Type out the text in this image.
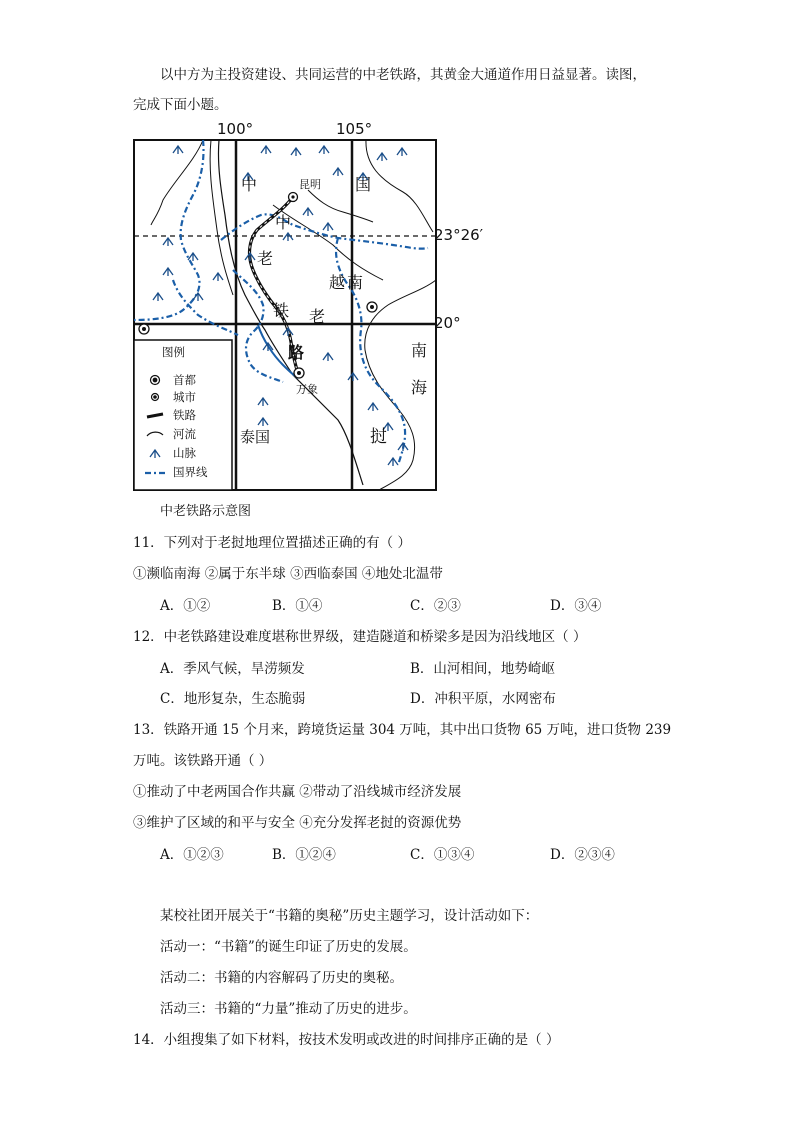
以中方为主投资建设、共同运营的中老铁路，其黄金大通道作用日益显著。读图，
完成下面小题。
100°	105°
23°26′
20°
中	国
昆明
中
老
越 南
铁 老
路
万象
泰国	挝
南
海
图例
首都
城市
铁路
河流
山脉
国界线
中老铁路示意图
11．下列对于老挝地理位置描述正确的有（ ）
①濒临南海 ②属于东半球 ③西临泰国 ④地处北温带
A．①②	B．①④	C．②③	D．③④
12．中老铁路建设难度堪称世界级，建造隧道和桥梁多是因为沿线地区（ ）
A．季风气候，旱涝频发	B．山河相间，地势崎岖
C．地形复杂，生态脆弱	D．冲积平原，水网密布
13．铁路开通 15 个月来，跨境货运量 304 万吨，其中出口货物 65 万吨，进口货物 239
万吨。该铁路开通（ ）
①推动了中老两国合作共赢 ②带动了沿线城市经济发展
③维护了区域的和平与安全 ④充分发挥老挝的资源优势
A．①②③	B．①②④	C．①③④	D．②③④
某校社团开展关于“书籍的奥秘”历史主题学习，设计活动如下：
活动一：“书籍”的诞生印证了历史的发展。
活动二：书籍的内容解码了历史的奥秘。
活动三：书籍的“力量”推动了历史的进步。
14．小组搜集了如下材料，按技术发明或改进的时间排序正确的是（ ）
